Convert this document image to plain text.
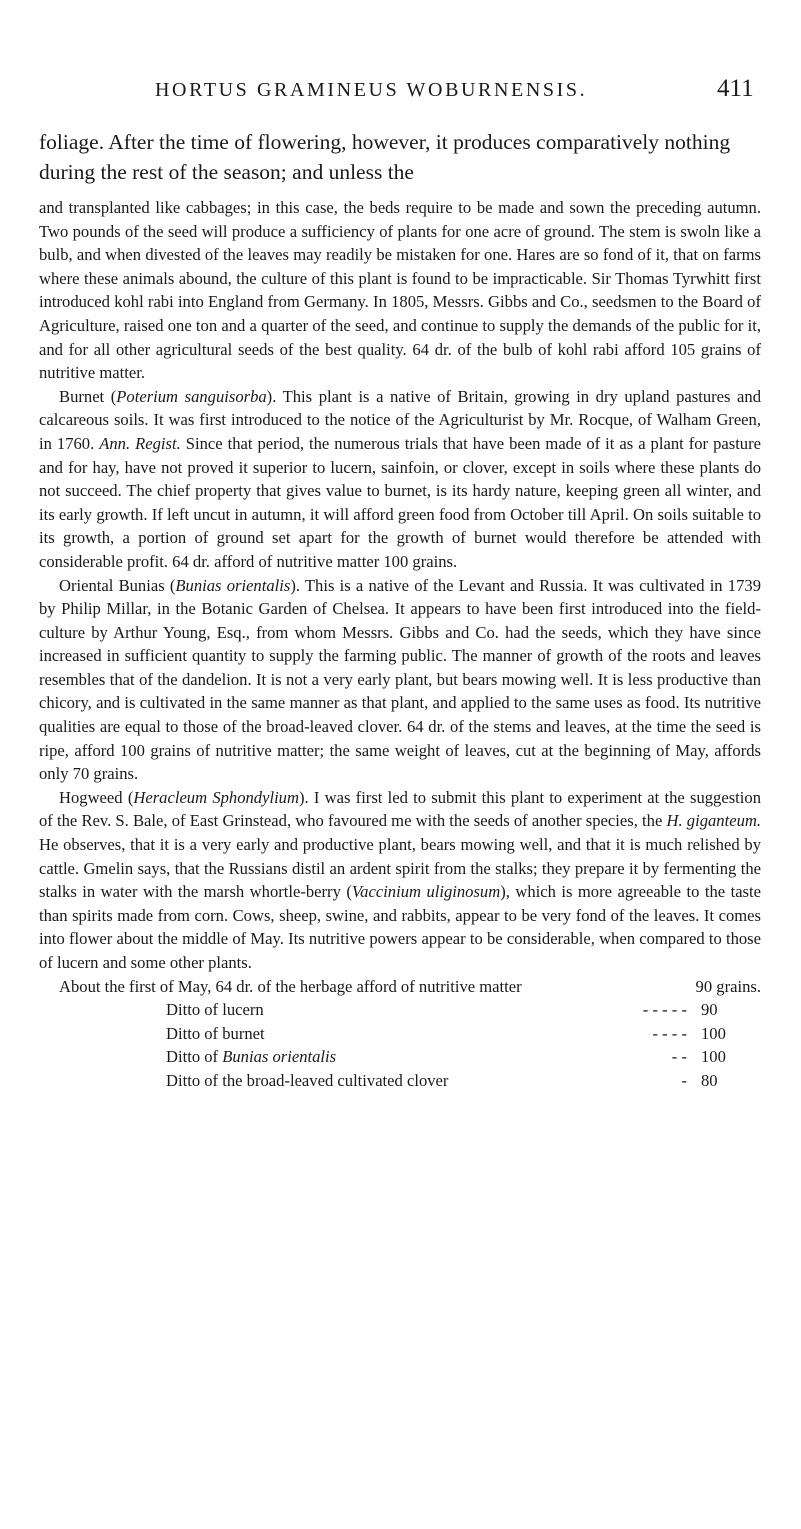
HORTUS GRAMINEUS WOBURNENSIS.	411
foliage. After the time of flowering, however, it produces comparatively nothing during the rest of the season; and unless the

and transplanted like cabbages; in this case, the beds require to be made and sown the preceding autumn. Two pounds of the seed will produce a sufficiency of plants for one acre of ground. The stem is swoln like a bulb, and when divested of the leaves may readily be mistaken for one. Hares are so fond of it, that on farms where these animals abound, the culture of this plant is found to be impracticable. Sir Thomas Tyrwhitt first introduced kohl rabi into England from Germany. In 1805, Messrs. Gibbs and Co., seedsmen to the Board of Agriculture, raised one ton and a quarter of the seed, and continue to supply the demands of the public for it, and for all other agricultural seeds of the best quality. 64 dr. of the bulb of kohl rabi afford 105 grains of nutritive matter.

Burnet (Poterium sanguisorba). This plant is a native of Britain, growing in dry upland pastures and calcareous soils. It was first introduced to the notice of the Agriculturist by Mr. Rocque, of Walham Green, in 1760. Ann. Regist. Since that period, the numerous trials that have been made of it as a plant for pasture and for hay, have not proved it superior to lucern, sainfoin, or clover, except in soils where these plants do not succeed. The chief property that gives value to burnet, is its hardy nature, keeping green all winter, and its early growth. If left uncut in autumn, it will afford green food from October till April. On soils suitable to its growth, a portion of ground set apart for the growth of burnet would therefore be attended with considerable profit. 64 dr. afford of nutritive matter 100 grains.

Oriental Bunias (Bunias orientalis). This is a native of the Levant and Russia. It was cultivated in 1739 by Philip Millar, in the Botanic Garden of Chelsea. It appears to have been first introduced into the field-culture by Arthur Young, Esq., from whom Messrs. Gibbs and Co. had the seeds, which they have since increased in sufficient quantity to supply the farming public. The manner of growth of the roots and leaves resembles that of the dandelion. It is not a very early plant, but bears mowing well. It is less productive than chicory, and is cultivated in the same manner as that plant, and applied to the same uses as food. Its nutritive qualities are equal to those of the broad-leaved clover. 64 dr. of the stems and leaves, at the time the seed is ripe, afford 100 grains of nutritive matter; the same weight of leaves, cut at the beginning of May, affords only 70 grains.

Hogweed (Heracleum Sphondylium). I was first led to submit this plant to experiment at the suggestion of the Rev. S. Bale, of East Grinstead, who favoured me with the seeds of another species, the H. giganteum. He observes, that it is a very early and productive plant, bears mowing well, and that it is much relished by cattle. Gmelin says, that the Russians distil an ardent spirit from the stalks; they prepare it by fermenting the stalks in water with the marsh whortle-berry (Vaccinium uliginosum), which is more agreeable to the taste than spirits made from corn. Cows, sheep, swine, and rabbits, appear to be very fond of the leaves. It comes into flower about the middle of May. Its nutritive powers appear to be considerable, when compared to those of lucern and some other plants.

About the first of May, 64 dr. of the herbage afford of nutritive matter	90 grains.
Ditto of lucern	- - - - - 90
Ditto of burnet	- - - - 100
Ditto of Bunias orientalis	- - 100
Ditto of the broad-leaved cultivated clover	- 80
